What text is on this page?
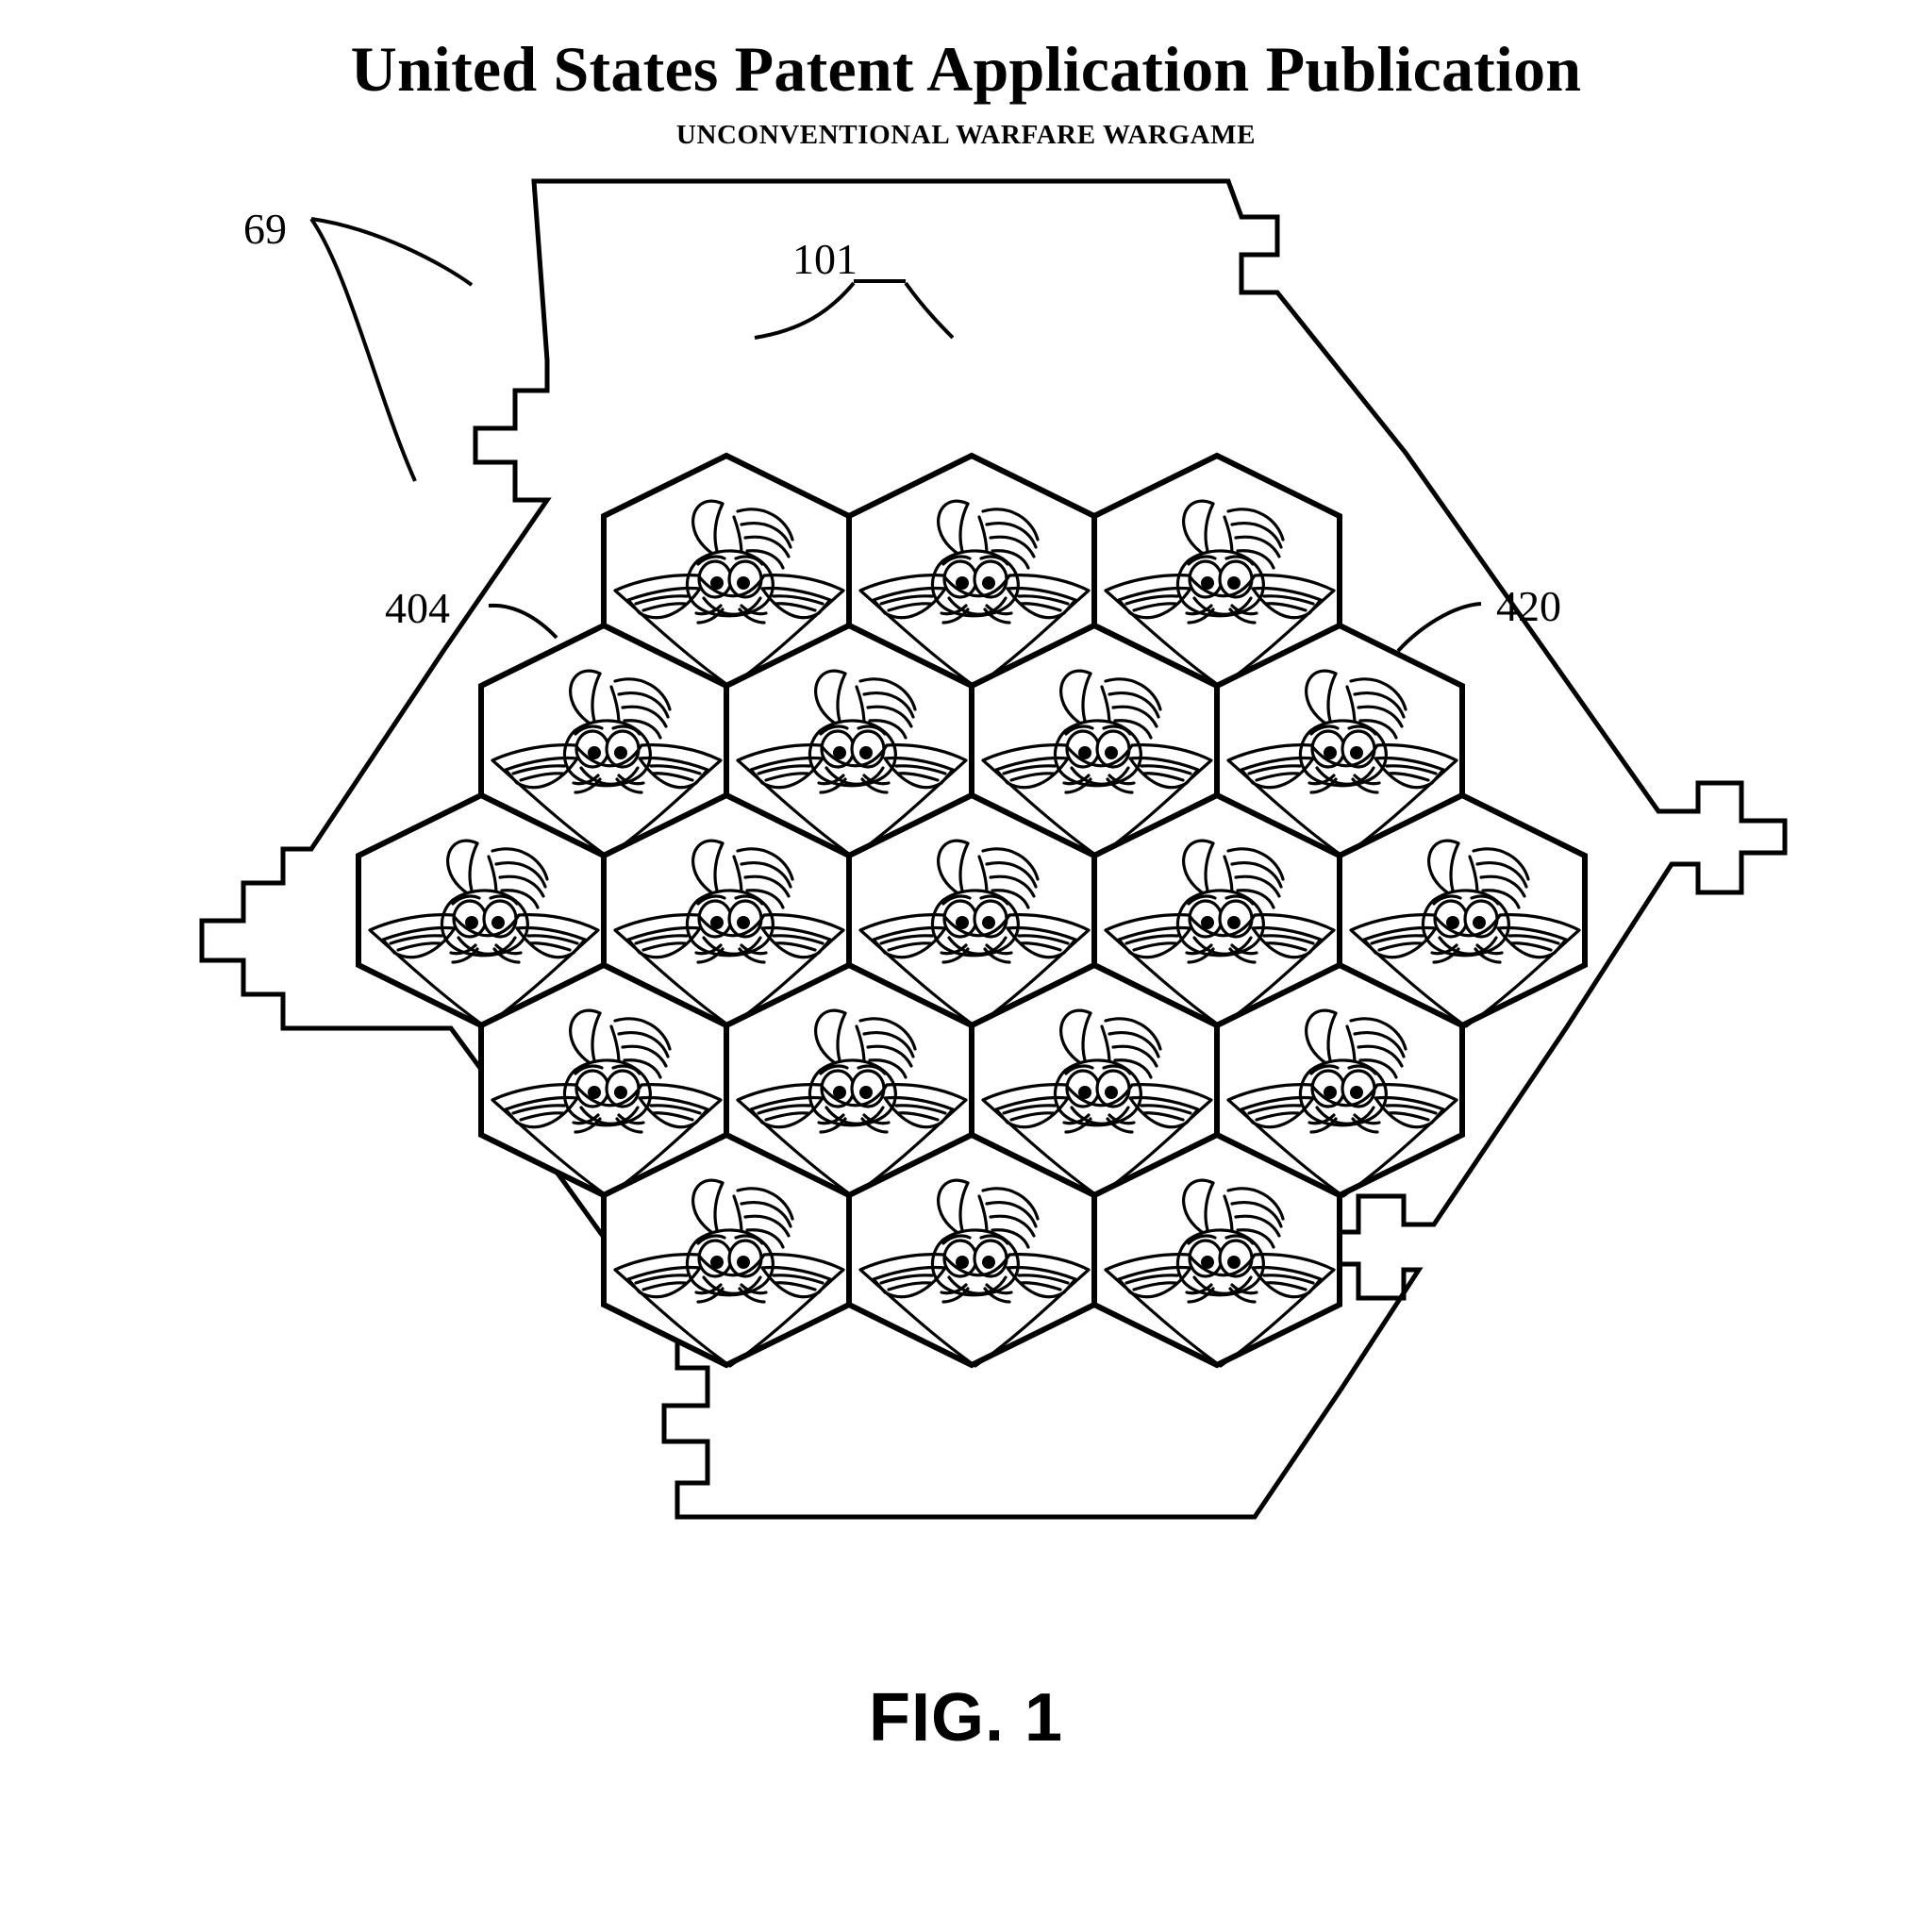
United States Patent Application Publication
UNCONVENTIONAL WARFARE WARGAME
69
101
404	420
FIG. 1
